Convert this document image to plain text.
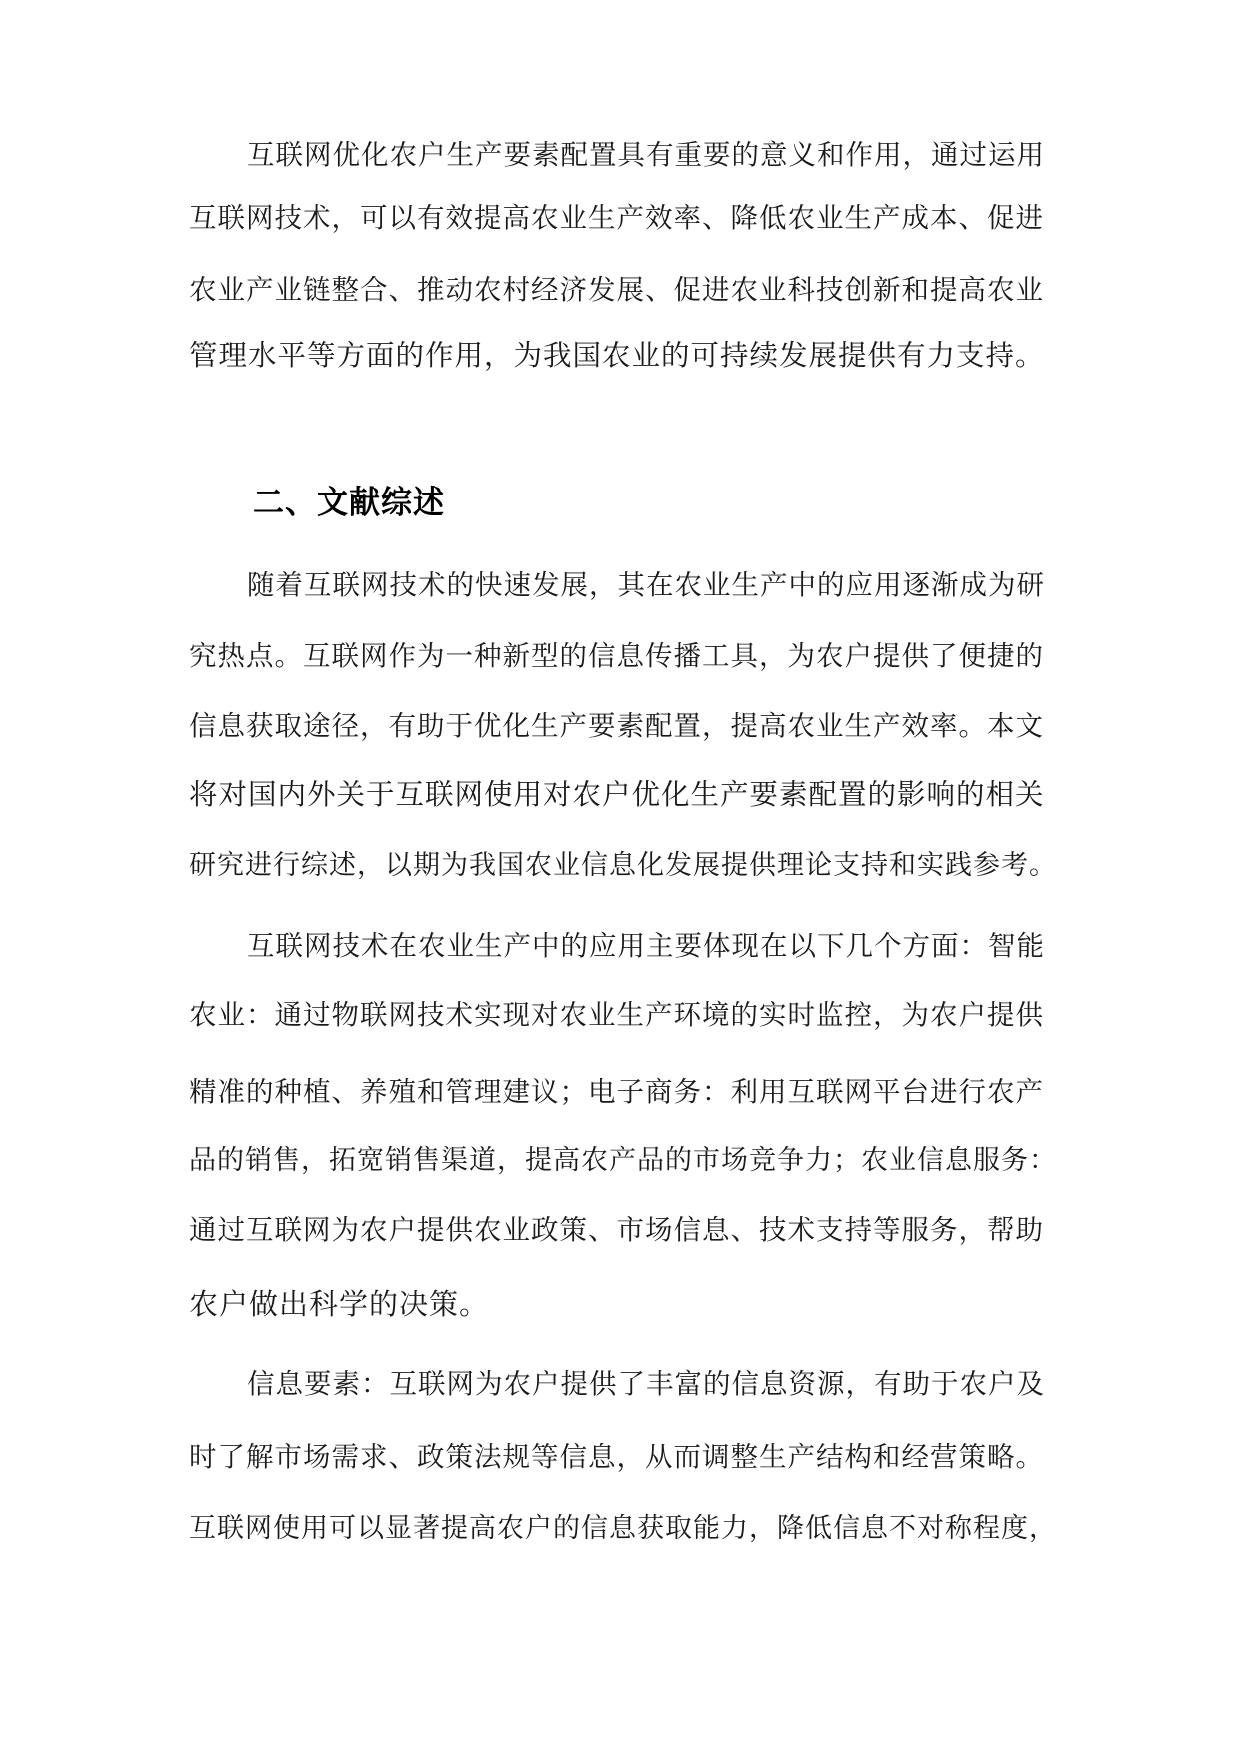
互联网优化农户生产要素配置具有重要的意义和作用，通过运用
互联网技术，可以有效提高农业生产效率、降低农业生产成本、促进
农业产业链整合、推动农村经济发展、促进农业科技创新和提高农业
管理水平等方面的作用，为我国农业的可持续发展提供有力支持。
二、文献综述
随着互联网技术的快速发展，其在农业生产中的应用逐渐成为研
究热点。互联网作为一种新型的信息传播工具，为农户提供了便捷的
信息获取途径，有助于优化生产要素配置，提高农业生产效率。本文
将对国内外关于互联网使用对农户优化生产要素配置的影响的相关
研究进行综述，以期为我国农业信息化发展提供理论支持和实践参考。
互联网技术在农业生产中的应用主要体现在以下几个方面：智能
农业：通过物联网技术实现对农业生产环境的实时监控，为农户提供
精准的种植、养殖和管理建议；电子商务：利用互联网平台进行农产
品的销售，拓宽销售渠道，提高农产品的市场竞争力；农业信息服务：
通过互联网为农户提供农业政策、市场信息、技术支持等服务，帮助
农户做出科学的决策。
信息要素：互联网为农户提供了丰富的信息资源，有助于农户及
时了解市场需求、政策法规等信息，从而调整生产结构和经营策略。
互联网使用可以显著提高农户的信息获取能力，降低信息不对称程度，
